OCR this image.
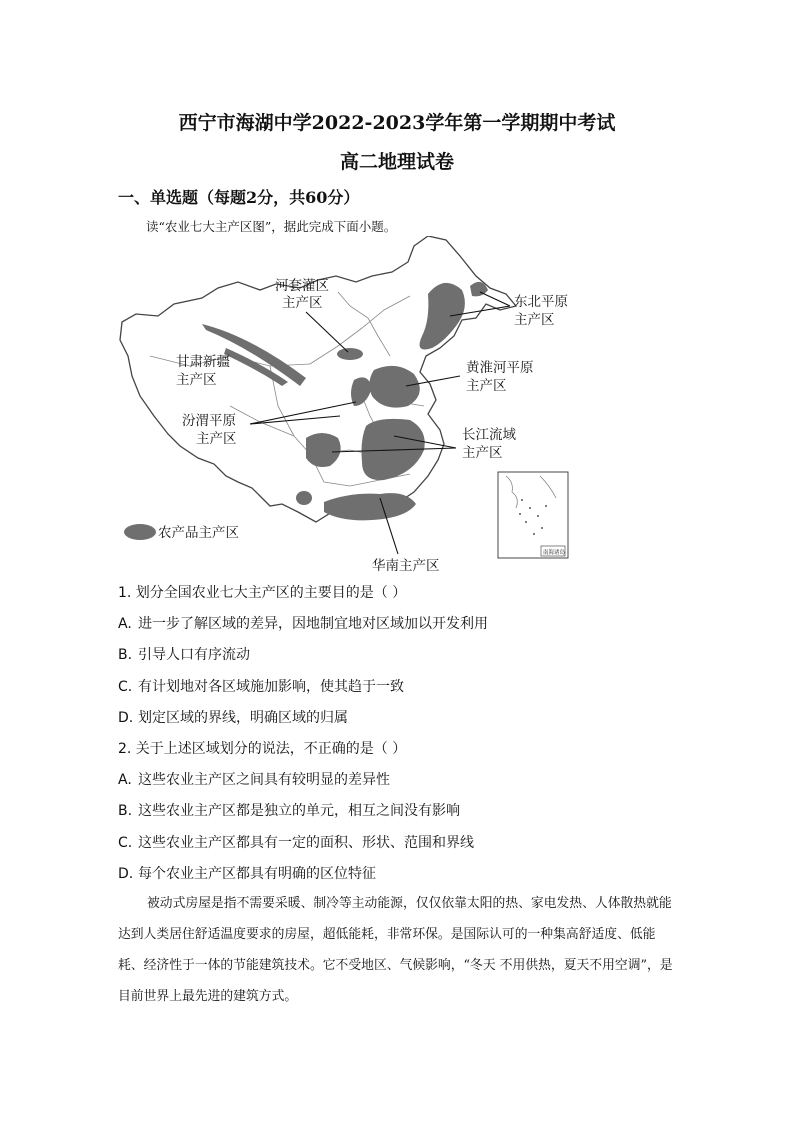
西宁市海湖中学2022-2023学年第一学期期中考试
高二地理试卷
一、单选题（每题2分，共60分）
读“农业七大主产区图”，据此完成下面小题。
河套灌区
主产区	东北平原
主产区
甘肃新疆
主产区
黄淮河平原
主产区
汾渭平原
主产区	长江流域
主产区
华南主产区
农产品主产区
南海诸岛
1. 划分全国农业七大主产区的主要目的是（ ）
A. 进一步了解区域的差异，因地制宜地对区域加以开发利用
B. 引导人口有序流动
C. 有计划地对各区域施加影响，使其趋于一致
D. 划定区域的界线，明确区域的归属
2. 关于上述区域划分的说法，不正确的是（ ）
A. 这些农业主产区之间具有较明显的差异性
B. 这些农业主产区都是独立的单元，相互之间没有影响
C. 这些农业主产区都具有一定的面积、形状、范围和界线
D. 每个农业主产区都具有明确的区位特征
被动式房屋是指不需要采暖、制冷等主动能源，仅仅依靠太阳的热、家电发热、人体散热就能达到人类居住舒适温度要求的房屋，超低能耗，非常环保。是国际认可的一种集高舒适度、低能耗、经济性于一体的节能建筑技术。它不受地区、气候影响，“冬天 不用供热，夏天不用空调”，是目前世界上最先进的建筑方式。
